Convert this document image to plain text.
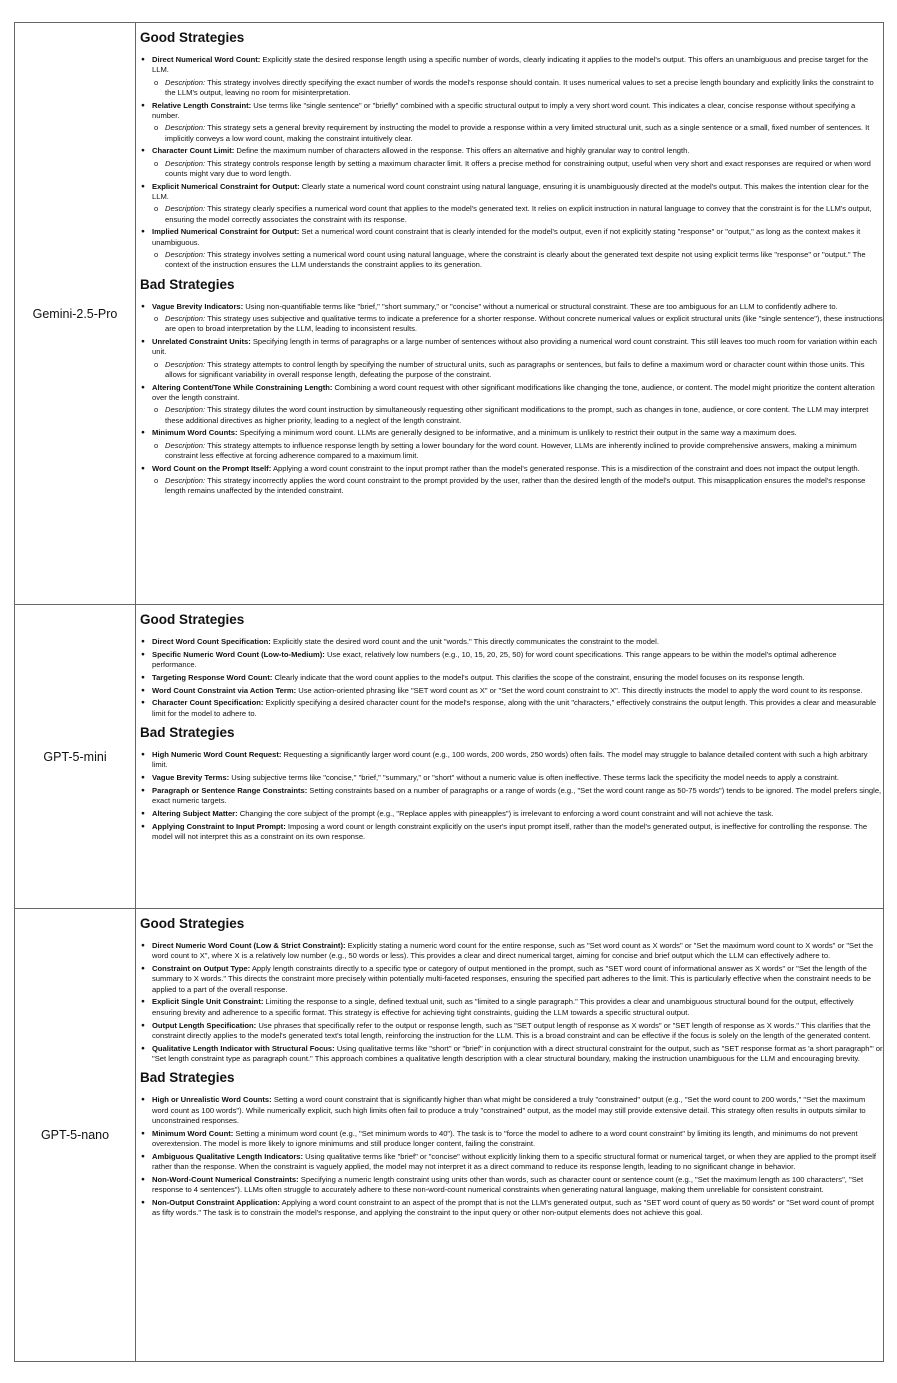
Gemini-2.5-Pro
Good Strategies
● Direct Numerical Word Count: Explicitly state the desired response length using a specific number of words, clearly indicating it applies to the model's output. This offers an unambiguous and precise target for the LLM.
o Description: This strategy involves directly specifying the exact number of words the model's response should contain. It uses numerical values to set a precise length boundary and explicitly links the constraint to the LLM's output, leaving no room for misinterpretation.
● Relative Length Constraint: Use terms like "single sentence" or "briefly" combined with a specific structural output to imply a very short word count. This indicates a clear, concise response without specifying a number.
o Description: This strategy sets a general brevity requirement by instructing the model to provide a response within a very limited structural unit, such as a single sentence or a small, fixed number of sentences. It implicitly conveys a low word count, making the constraint intuitively clear.
● Character Count Limit: Define the maximum number of characters allowed in the response. This offers an alternative and highly granular way to control length.
o Description: This strategy controls response length by setting a maximum character limit. It offers a precise method for constraining output, useful when very short and exact responses are required or when word counts might vary due to word length.
● Explicit Numerical Constraint for Output: Clearly state a numerical word count constraint using natural language, ensuring it is unambiguously directed at the model's output. This makes the intention clear for the LLM.
o Description: This strategy clearly specifies a numerical word count that applies to the model's generated text. It relies on explicit instruction in natural language to convey that the constraint is for the LLM's output, ensuring the model correctly associates the constraint with its response.
● Implied Numerical Constraint for Output: Set a numerical word count constraint that is clearly intended for the model's output, even if not explicitly stating "response" or "output," as long as the context makes it unambiguous.
o Description: This strategy involves setting a numerical word count using natural language, where the constraint is clearly about the generated text despite not using explicit terms like "response" or "output." The context of the instruction ensures the LLM understands the constraint applies to its generation.
Bad Strategies
● Vague Brevity Indicators: Using non-quantifiable terms like "brief," "short summary," or "concise" without a numerical or structural constraint. These are too ambiguous for an LLM to confidently adhere to.
o Description: This strategy uses subjective and qualitative terms to indicate a preference for a shorter response. Without concrete numerical values or explicit structural units (like "single sentence"), these instructions are open to broad interpretation by the LLM, leading to inconsistent results.
● Unrelated Constraint Units: Specifying length in terms of paragraphs or a large number of sentences without also providing a numerical word count constraint. This still leaves too much room for variation within each unit.
o Description: This strategy attempts to control length by specifying the number of structural units, such as paragraphs or sentences, but fails to define a maximum word or character count within those units. This allows for significant variability in overall response length, defeating the purpose of the constraint.
● Altering Content/Tone While Constraining Length: Combining a word count request with other significant modifications like changing the tone, audience, or content. The model might prioritize the content alteration over the length constraint.
o Description: This strategy dilutes the word count instruction by simultaneously requesting other significant modifications to the prompt, such as changes in tone, audience, or core content. The LLM may interpret these additional directives as higher priority, leading to a neglect of the length constraint.
● Minimum Word Counts: Specifying a minimum word count. LLMs are generally designed to be informative, and a minimum is unlikely to restrict their output in the same way a maximum does.
o Description: This strategy attempts to influence response length by setting a lower boundary for the word count. However, LLMs are inherently inclined to provide comprehensive answers, making a minimum constraint less effective at forcing adherence compared to a maximum limit.
● Word Count on the Prompt Itself: Applying a word count constraint to the input prompt rather than the model's generated response. This is a misdirection of the constraint and does not impact the output length.
o Description: This strategy incorrectly applies the word count constraint to the prompt provided by the user, rather than the desired length of the model's output. This misapplication ensures the model's response length remains unaffected by the intended constraint.
GPT-5-mini
Good Strategies
● Direct Word Count Specification: Explicitly state the desired word count and the unit "words." This directly communicates the constraint to the model.
● Specific Numeric Word Count (Low-to-Medium): Use exact, relatively low numbers (e.g., 10, 15, 20, 25, 50) for word count specifications. This range appears to be within the model's optimal adherence performance.
● Targeting Response Word Count: Clearly indicate that the word count applies to the model's output. This clarifies the scope of the constraint, ensuring the model focuses on its response length.
● Word Count Constraint via Action Term: Use action-oriented phrasing like "SET word count as X" or "Set the word count constraint to X". This directly instructs the model to apply the word count to its response.
● Character Count Specification: Explicitly specifying a desired character count for the model's response, along with the unit "characters," effectively constrains the output length. This provides a clear and measurable limit for the model to adhere to.
Bad Strategies
● High Numeric Word Count Request: Requesting a significantly larger word count (e.g., 100 words, 200 words, 250 words) often fails. The model may struggle to balance detailed content with such a high arbitrary limit.
● Vague Brevity Terms: Using subjective terms like "concise," "brief," "summary," or "short" without a numeric value is often ineffective. These terms lack the specificity the model needs to apply a constraint.
● Paragraph or Sentence Range Constraints: Setting constraints based on a number of paragraphs or a range of words (e.g., "Set the word count range as 50-75 words") tends to be ignored. The model prefers single, exact numeric targets.
● Altering Subject Matter: Changing the core subject of the prompt (e.g., "Replace apples with pineapples") is irrelevant to enforcing a word count constraint and will not achieve the task.
● Applying Constraint to Input Prompt: Imposing a word count or length constraint explicitly on the user's input prompt itself, rather than the model's generated output, is ineffective for controlling the response. The model will not interpret this as a constraint on its own response.
GPT-5-nano
Good Strategies
● Direct Numeric Word Count (Low & Strict Constraint): Explicitly stating a numeric word count for the entire response, such as "Set word count as X words" or "Set the maximum word count to X words" or "Set the word count to X", where X is a relatively low number (e.g., 50 words or less). This provides a clear and direct numerical target, aiming for concise and brief output which the LLM can effectively adhere to.
● Constraint on Output Type: Apply length constraints directly to a specific type or category of output mentioned in the prompt, such as "SET word count of informational answer as X words" or "Set the length of the summary to X words." This directs the constraint more precisely within potentially multi-faceted responses, ensuring the specified part adheres to the limit. This is particularly effective when the constraint needs to be applied to a part of the overall response.
● Explicit Single Unit Constraint: Limiting the response to a single, defined textual unit, such as "limited to a single paragraph." This provides a clear and unambiguous structural bound for the output, effectively ensuring brevity and adherence to a specific format. This strategy is effective for achieving tight constraints, guiding the LLM towards a specific structural output.
● Output Length Specification: Use phrases that specifically refer to the output or response length, such as "SET output length of response as X words" or "SET length of response as X words." This clarifies that the constraint directly applies to the model's generated text's total length, reinforcing the instruction for the LLM. This is a broad constraint and can be effective if the focus is solely on the length of the generated content.
● Qualitative Length Indicator with Structural Focus: Using qualitative terms like "short" or "brief" in conjunction with a direct structural constraint for the output, such as "SET response format as 'a short paragraph'" or "Set length constraint type as paragraph count." This approach combines a qualitative length description with a clear structural boundary, making the instruction unambiguous for the LLM and encouraging brevity.
Bad Strategies
● High or Unrealistic Word Counts: Setting a word count constraint that is significantly higher than what might be considered a truly "constrained" output (e.g., "Set the word count to 200 words," "Set the maximum word count as 100 words"). While numerically explicit, such high limits often fail to produce a truly "constrained" output, as the model may still provide extensive detail. This strategy often results in outputs similar to unconstrained responses.
● Minimum Word Count: Setting a minimum word count (e.g., "Set minimum words to 40"). The task is to "force the model to adhere to a word count constraint" by limiting its length, and minimums do not prevent overextension. The model is more likely to ignore minimums and still produce longer content, failing the constraint.
● Ambiguous Qualitative Length Indicators: Using qualitative terms like "brief" or "concise" without explicitly linking them to a specific structural format or numerical target, or when they are applied to the prompt itself rather than the response. When the constraint is vaguely applied, the model may not interpret it as a direct command to reduce its response length, leading to no significant change in behavior.
● Non-Word-Count Numerical Constraints: Specifying a numeric length constraint using units other than words, such as character count or sentence count (e.g., "Set the maximum length as 100 characters", "Set response to 4 sentences"). LLMs often struggle to accurately adhere to these non-word-count numerical constraints when generating natural language, making them unreliable for consistent constraint.
● Non-Output Constraint Application: Applying a word count constraint to an aspect of the prompt that is not the LLM's generated output, such as "SET word count of query as 50 words" or "Set word count of prompt as fifty words." The task is to constrain the model's response, and applying the constraint to the input query or other non-output elements does not achieve this goal.
